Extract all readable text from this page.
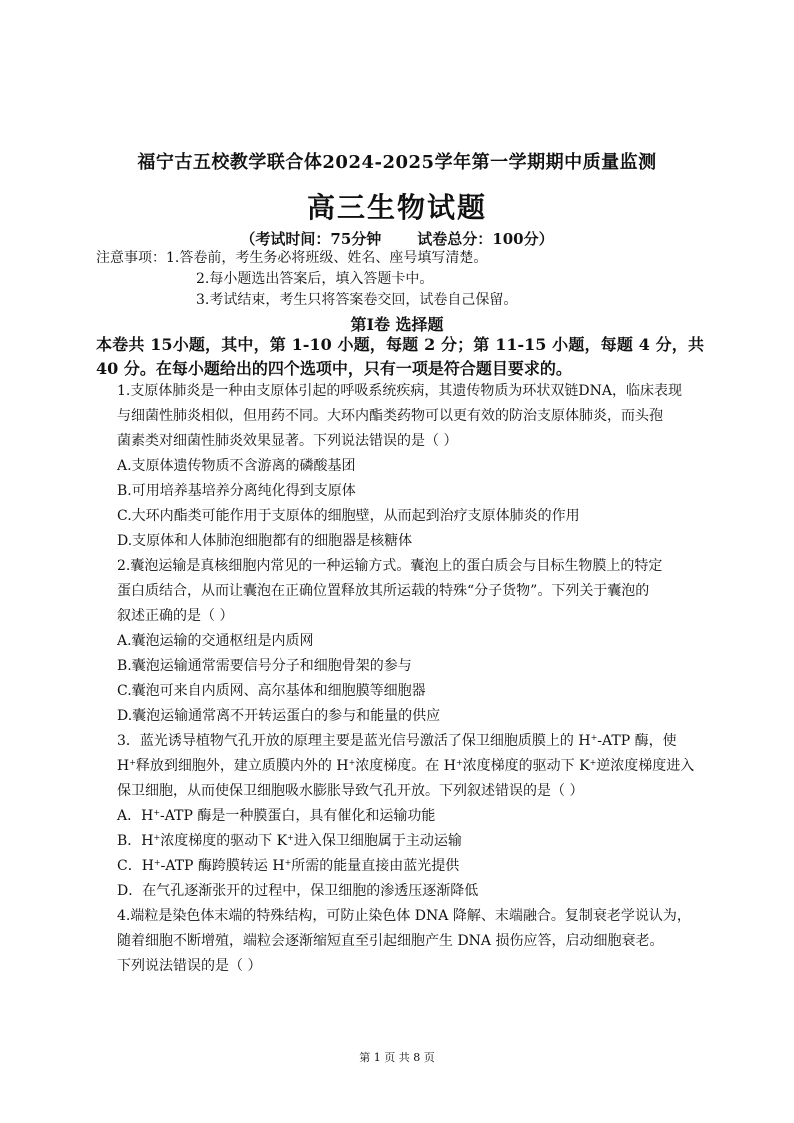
福宁古五校教学联合体2024-2025学年第一学期期中质量监测
高三生物试题
（考试时间：75分钟 试卷总分：100分）
注意事项：1.答卷前，考生务必将班级、姓名、座号填写清楚。
2.每小题选出答案后，填入答题卡中。
3.考试结束，考生只将答案卷交回，试卷自己保留。
第Ⅰ卷 选择题
本卷共 15小题，其中，第 1-10 小题，每题 2 分；第 11-15 小题，每题 4 分，共 40 分。在每小题给出的四个选项中，只有一项是符合题目要求的。
1.支原体肺炎是一种由支原体引起的呼吸系统疾病，其遗传物质为环状双链DNA，临床表现
与细菌性肺炎相似，但用药不同。大环内酯类药物可以更有效的防治支原体肺炎，而头孢
菌素类对细菌性肺炎效果显著。下列说法错误的是（ ）
A.支原体遗传物质不含游离的磷酸基团
B.可用培养基培养分离纯化得到支原体
C.大环内酯类可能作用于支原体的细胞壁，从而起到治疗支原体肺炎的作用
D.支原体和人体肺泡细胞都有的细胞器是核糖体
2.囊泡运输是真核细胞内常见的一种运输方式。囊泡上的蛋白质会与目标生物膜上的特定
蛋白质结合，从而让囊泡在正确位置释放其所运载的特殊“分子货物”。下列关于囊泡的
叙述正确的是（ ）
A.囊泡运输的交通枢纽是内质网
B.囊泡运输通常需要信号分子和细胞骨架的参与
C.囊泡可来自内质网、高尔基体和细胞膜等细胞器
D.囊泡运输通常离不开转运蛋白的参与和能量的供应
3．蓝光诱导植物气孔开放的原理主要是蓝光信号激活了保卫细胞质膜上的 H+-ATP 酶，使
H+释放到细胞外，建立质膜内外的 H+浓度梯度。在 H+浓度梯度的驱动下 K+逆浓度梯度进入
保卫细胞，从而使保卫细胞吸水膨胀导致气孔开放。下列叙述错误的是（ ）
A．H+-ATP 酶是一种膜蛋白，具有催化和运输功能
B．H+浓度梯度的驱动下 K+进入保卫细胞属于主动运输
C．H+-ATP 酶跨膜转运 H+所需的能量直接由蓝光提供
D．在气孔逐渐张开的过程中，保卫细胞的渗透压逐渐降低
4.端粒是染色体末端的特殊结构，可防止染色体 DNA 降解、末端融合。复制衰老学说认为，
随着细胞不断增殖，端粒会逐渐缩短直至引起细胞产生 DNA 损伤应答，启动细胞衰老。
下列说法错误的是（ ）
第 1 页 共 8 页
